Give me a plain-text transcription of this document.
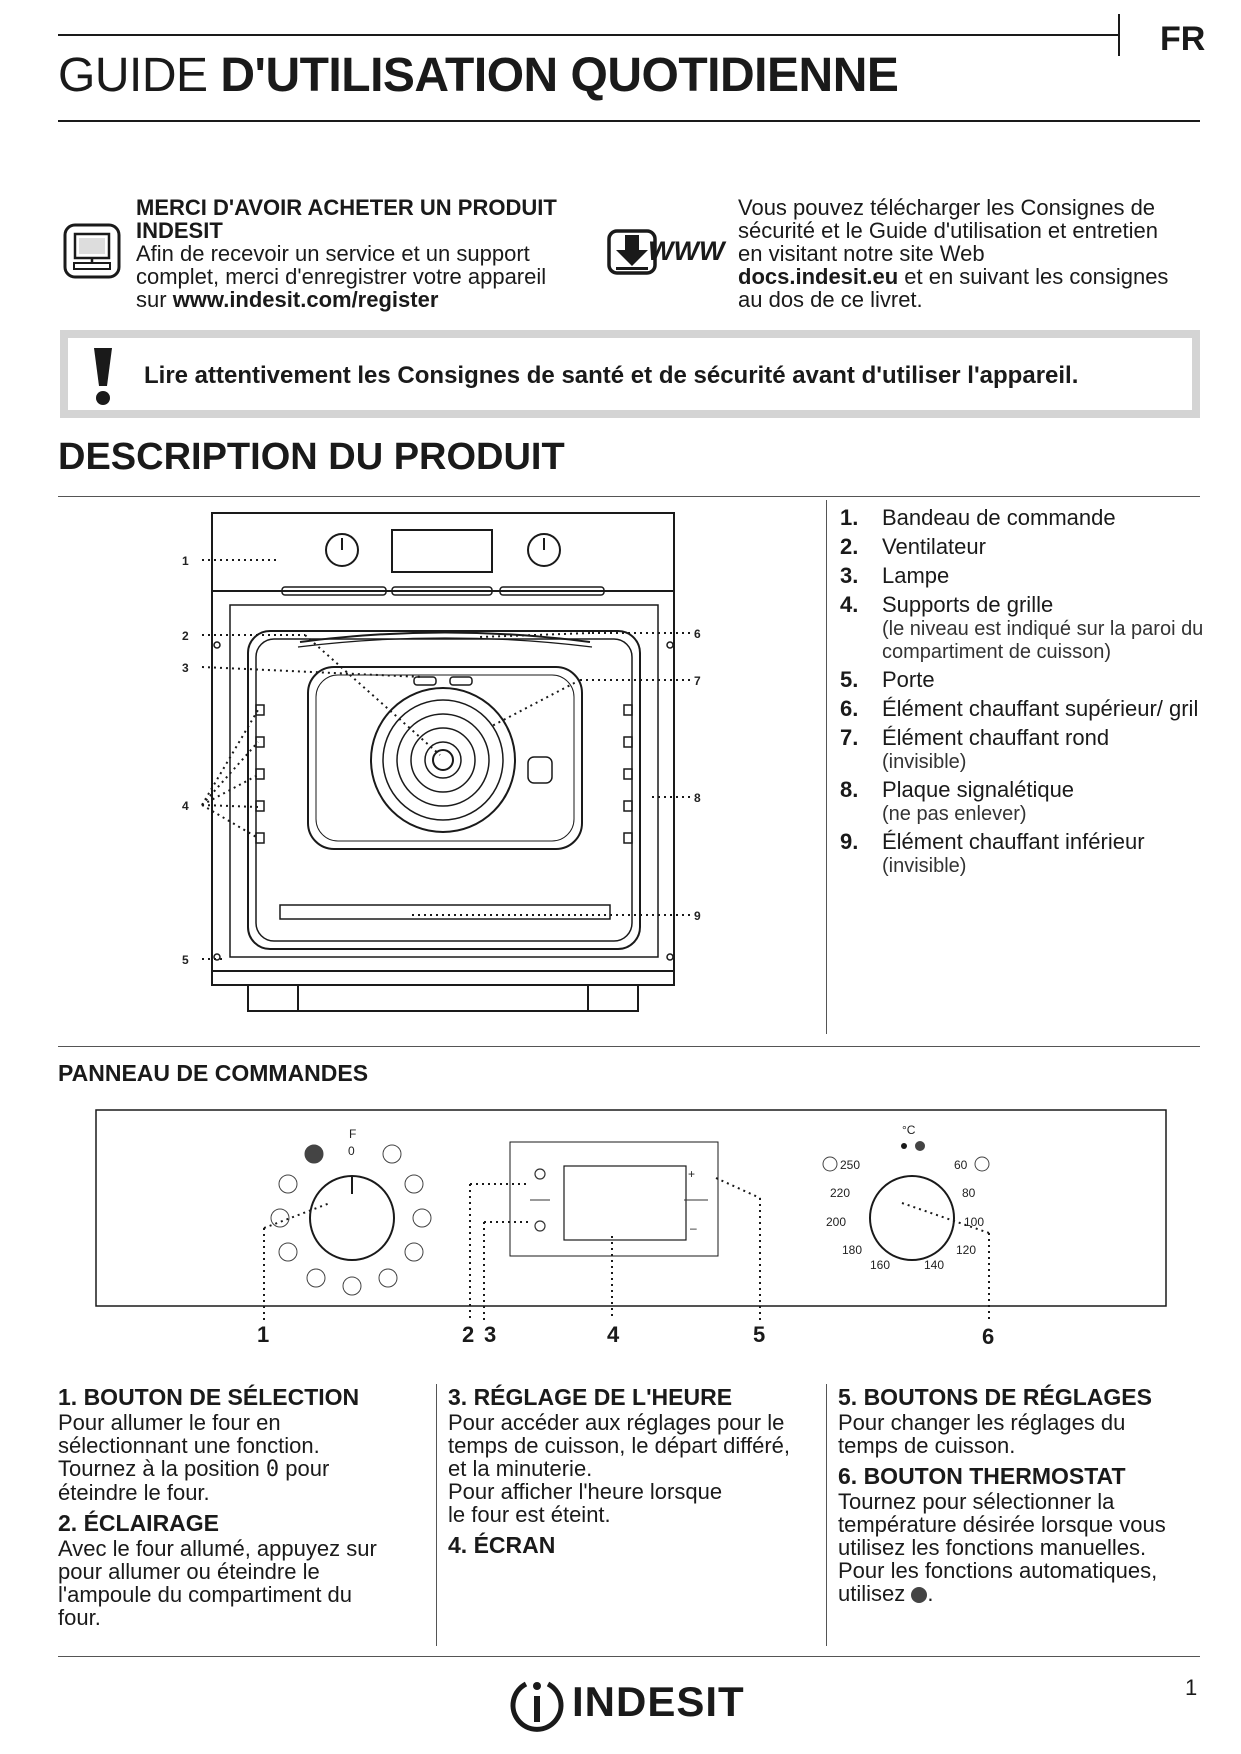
FR
GUIDE D'UTILISATION QUOTIDIENNE
MERCI D'AVOIR ACHETER UN PRODUIT
INDESIT
Afin de recevoir un service et un support
complet, merci d'enregistrer votre appareil
sur www.indesit.com/register
WWW
Vous pouvez télécharger les Consignes de
sécurité et le Guide d'utilisation et entretien
en visitant notre site Web
docs.indesit.eu et en suivant les consignes
au dos de ce livret.
Lire attentivement les Consignes de santé et de sécurité avant d'utiliser l'appareil.
DESCRIPTION DU PRODUIT
1
2
3
4
5
6
7
8
9
1.	Bandeau de commande
2.	Ventilateur
3.	Lampe
4.	Supports de grille
(le niveau est indiqué sur la paroi du compartiment de cuisson)
5.	Porte
6.	Élément chauffant supérieur/ gril
7.	Élément chauffant rond
(invisible)
8.	Plaque signalétique
(ne pas enlever)
9.	Élément chauffant inférieur
(invisible)
PANNEAU DE COMMANDES
F
0
+
–
°C
250
220
200
180
160	140
120
100
80
60
1	2 3	4	5	6
1. BOUTON DE SÉLECTION

Pour allumer le four en
sélectionnant une fonction.
Tournez à la position 0 pour
éteindre le four.

2. ÉCLAIRAGE

Avec le four allumé, appuyez sur
pour allumer ou éteindre le
l'ampoule du compartiment du
four.

3. RÉGLAGE DE L'HEURE

Pour accéder aux réglages pour le
temps de cuisson, le départ différé,
et la minuterie.
Pour afficher l'heure lorsque
le four est éteint.

4. ÉCRAN
5. BOUTONS DE RÉGLAGES

Pour changer les réglages du
temps de cuisson.

6. BOUTON THERMOSTAT

Tournez pour sélectionner la
température désirée lorsque vous
utilisez les fonctions manuelles.
Pour les fonctions automatiques,
utilisez .

1
INDESIT
